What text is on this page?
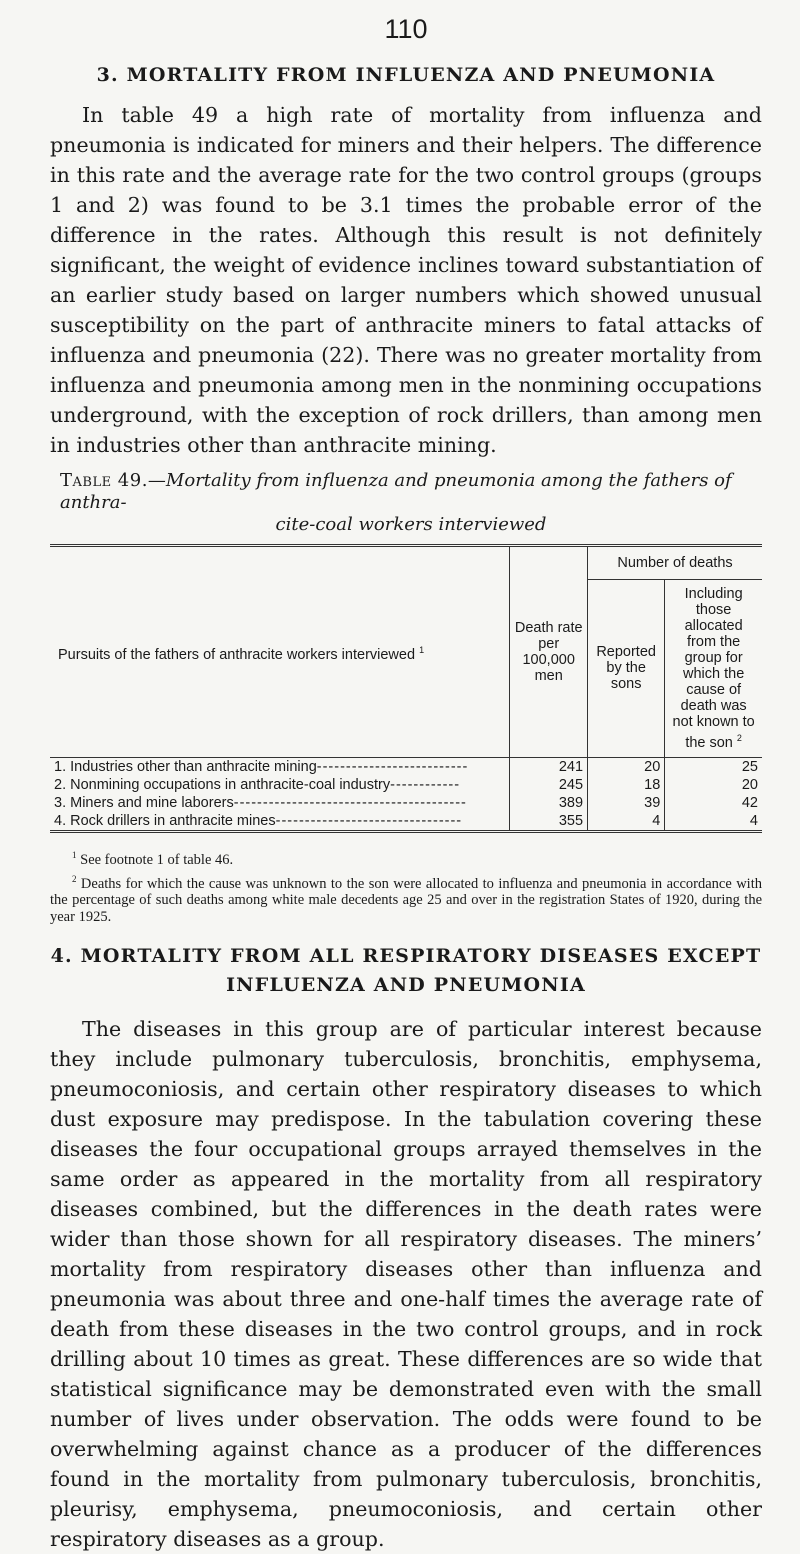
110
3. MORTALITY FROM INFLUENZA AND PNEUMONIA

In table 49 a high rate of mortality from influenza and pneumonia is indicated for miners and their helpers. The difference in this rate and the average rate for the two control groups (groups 1 and 2) was found to be 3.1 times the probable error of the difference in the rates. Although this result is not definitely significant, the weight of evidence inclines toward substantiation of an earlier study based on larger numbers which showed unusual susceptibility on the part of anthracite miners to fatal attacks of influenza and pneumonia (22). There was no greater mortality from influenza and pneumonia among men in the nonmining occupations underground, with the exception of rock drillers, than among men in industries other than anthracite mining.

Table 49.—Mortality from influenza and pneumonia among the fathers of anthra-
cite-coal workers interviewed
Pursuits of the fathers of anthracite workers interviewed $^1$	Death rate per 100,000 men	Number of deaths	
		Reported by the sons	Including those allocated from the group for which the cause of death was not known to the son $^2$
1. Industries other than anthracite mining--------------------------	241	20	25
2. Nonmining occupations in anthracite-coal industry------------	245	18	20
3. Miners and mine laborers----------------------------------------	389	39	42
4. Rock drillers in anthracite mines--------------------------------	355	4	4
$^1$ See footnote 1 of table 46.
$^2$ Deaths for which the cause was unknown to the son were allocated to influenza and pneumonia in accordance with the percentage of such deaths among white male decedents age 25 and over in the registration States of 1920, during the year 1925.
4. MORTALITY FROM ALL RESPIRATORY DISEASES EXCEPT
INFLUENZA AND PNEUMONIA

The diseases in this group are of particular interest because they include pulmonary tuberculosis, bronchitis, emphysema, pneumoconiosis, and certain other respiratory diseases to which dust exposure may predispose. In the tabulation covering these diseases the four occupational groups arrayed themselves in the same order as appeared in the mortality from all respiratory diseases combined, but the differences in the death rates were wider than those shown for all respiratory diseases. The miners’ mortality from respiratory diseases other than influenza and pneumonia was about three and one-half times the average rate of death from these diseases in the two control groups, and in rock drilling about 10 times as great. These differences are so wide that statistical significance may be demonstrated even with the small number of lives under observation. The odds were found to be overwhelming against chance as a producer of the differences found in the mortality from pulmonary tuberculosis, bronchitis, pleurisy, emphysema, pneumoconiosis, and certain other respiratory diseases as a group.
